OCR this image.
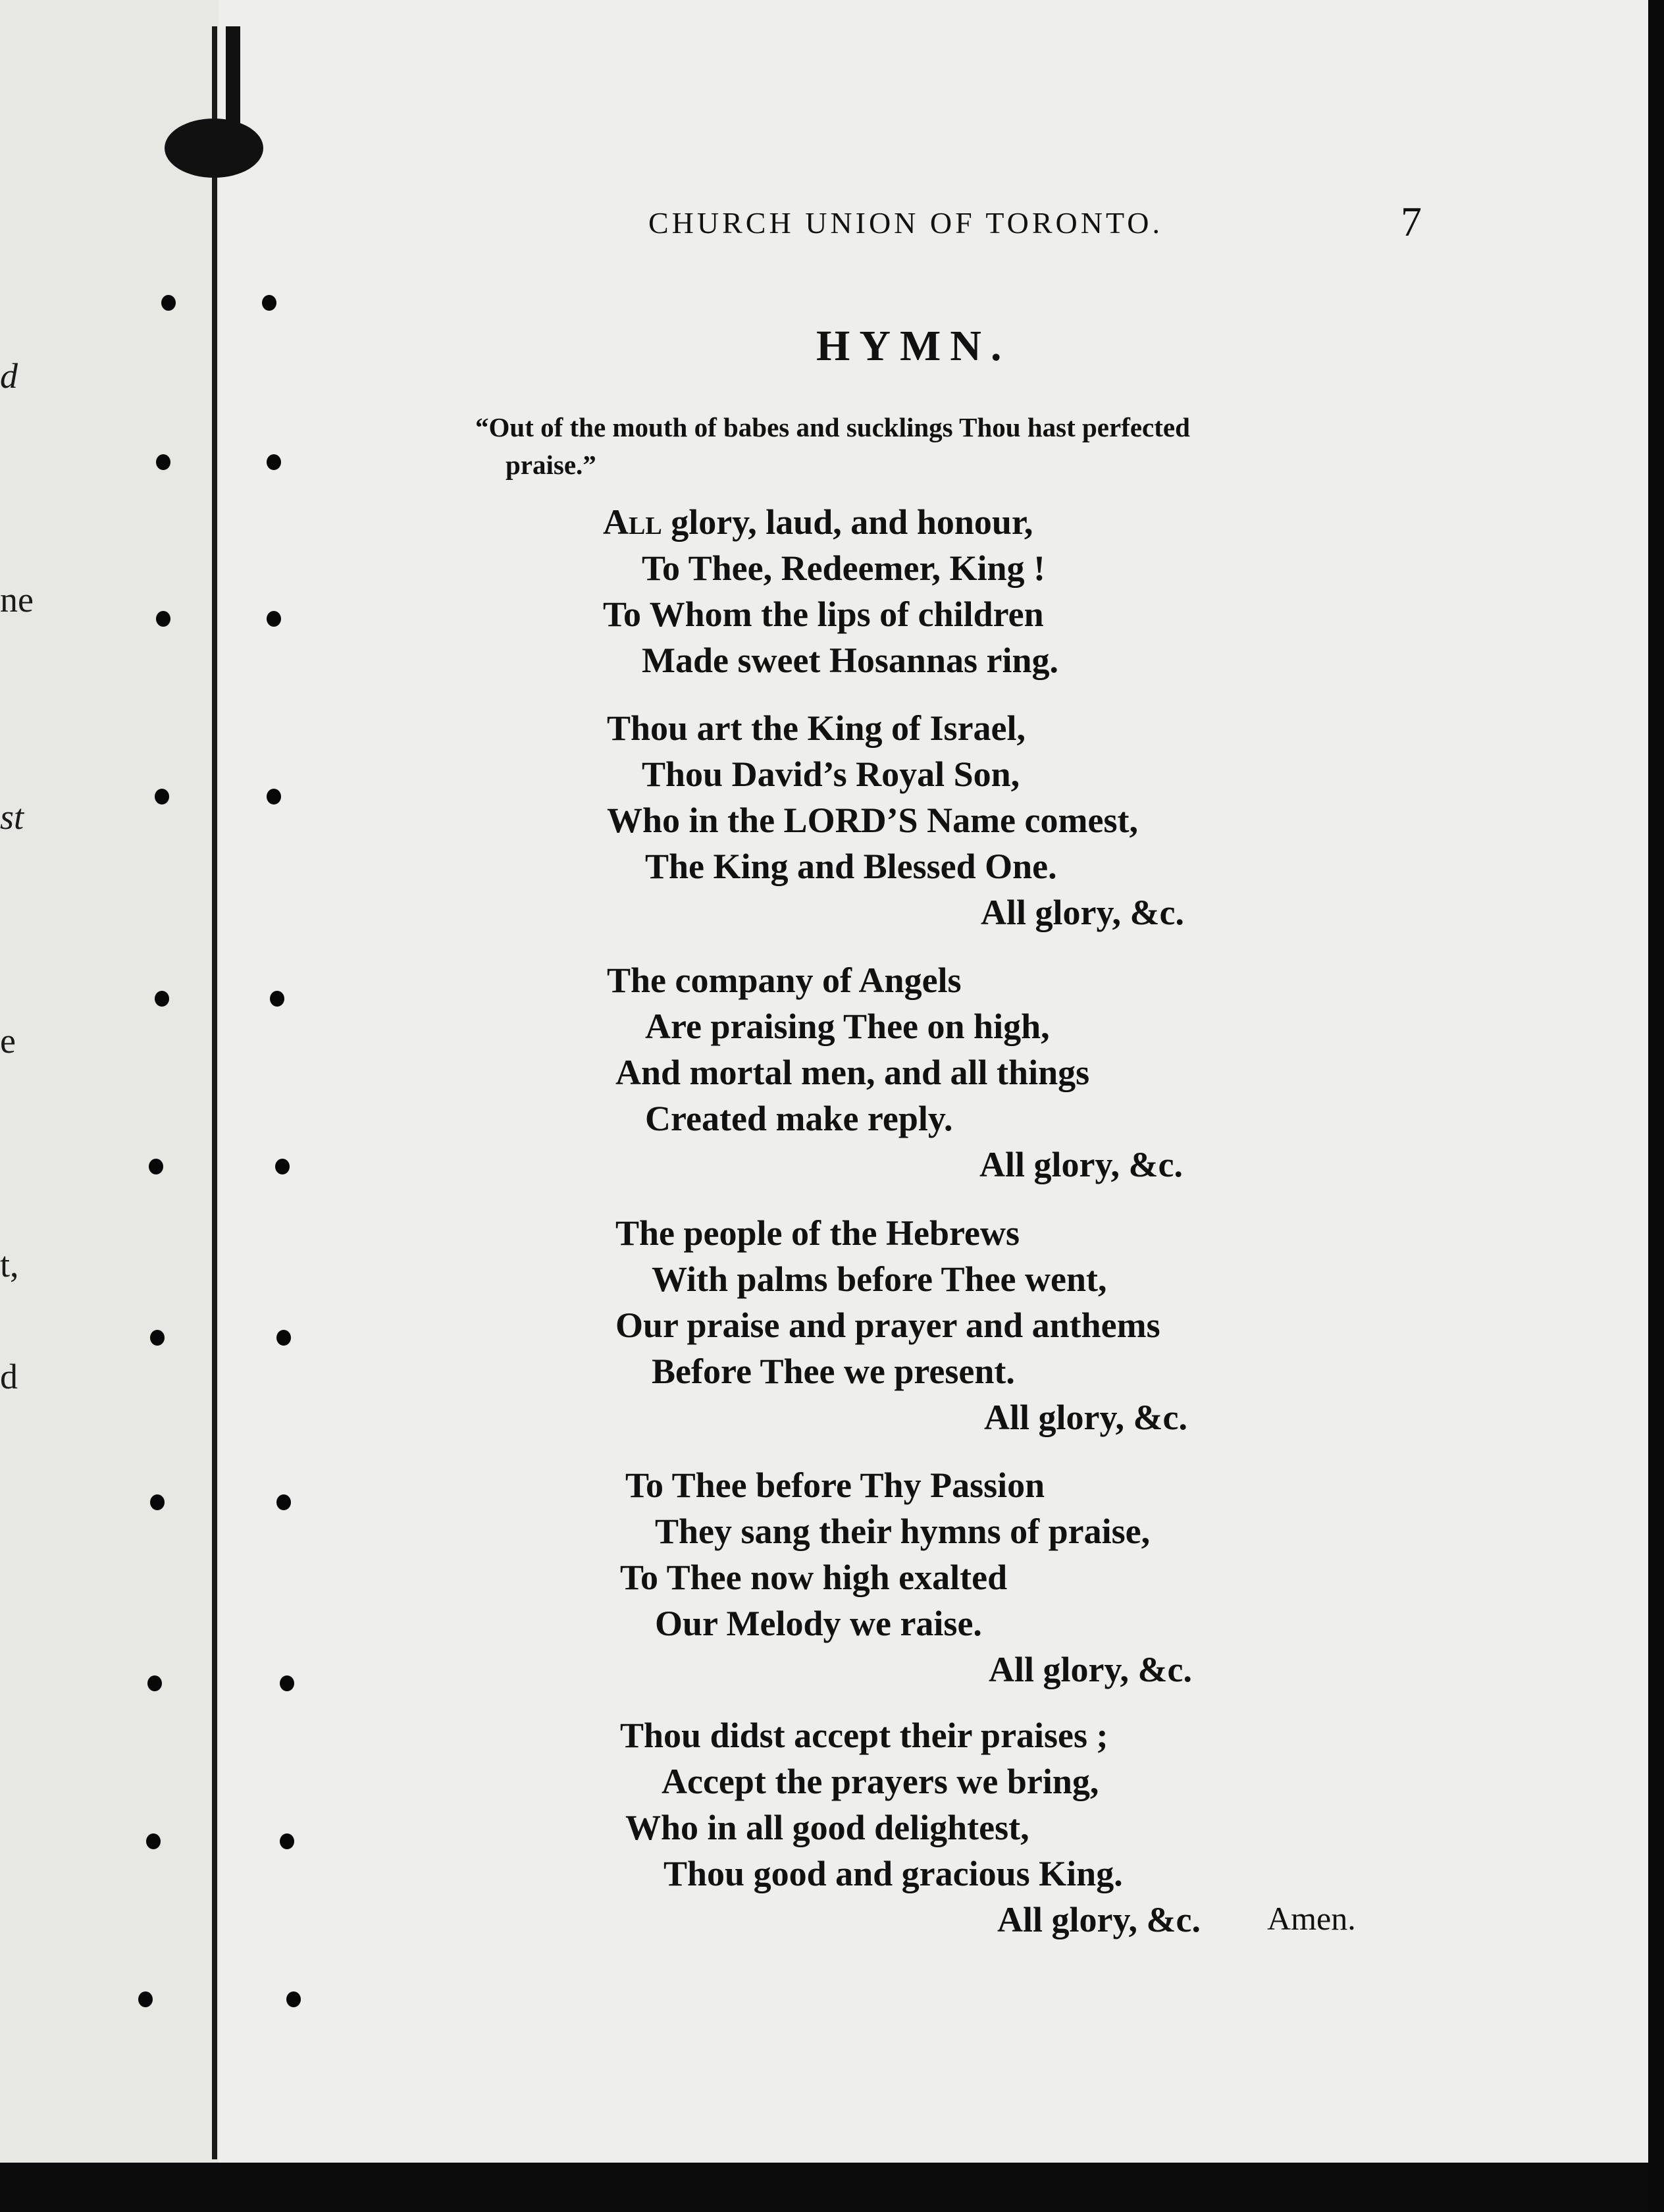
d
ne
st
e
t,
d
CHURCH UNION OF TORONTO.	7
HYMN.
“Out of the mouth of babes and sucklings Thou hast perfected
praise.”
All glory, laud, and honour,
To Thee, Redeemer, King !
To Whom the lips of children
Made sweet Hosannas ring.
Thou art the King of Israel,
Thou David’s Royal Son,
Who in the LORD’S Name comest,
The King and Blessed One.
All glory, &c.
The company of Angels
Are praising Thee on high,
And mortal men, and all things
Created make reply.
All glory, &c.
The people of the Hebrews
With palms before Thee went,
Our praise and prayer and anthems
Before Thee we present.
All glory, &c.
To Thee before Thy Passion
They sang their hymns of praise,
To Thee now high exalted
Our Melody we raise.
All glory, &c.
Thou didst accept their praises ;
Accept the prayers we bring,
Who in all good delightest,
Thou good and gracious King.
All glory, &c. Amen.
